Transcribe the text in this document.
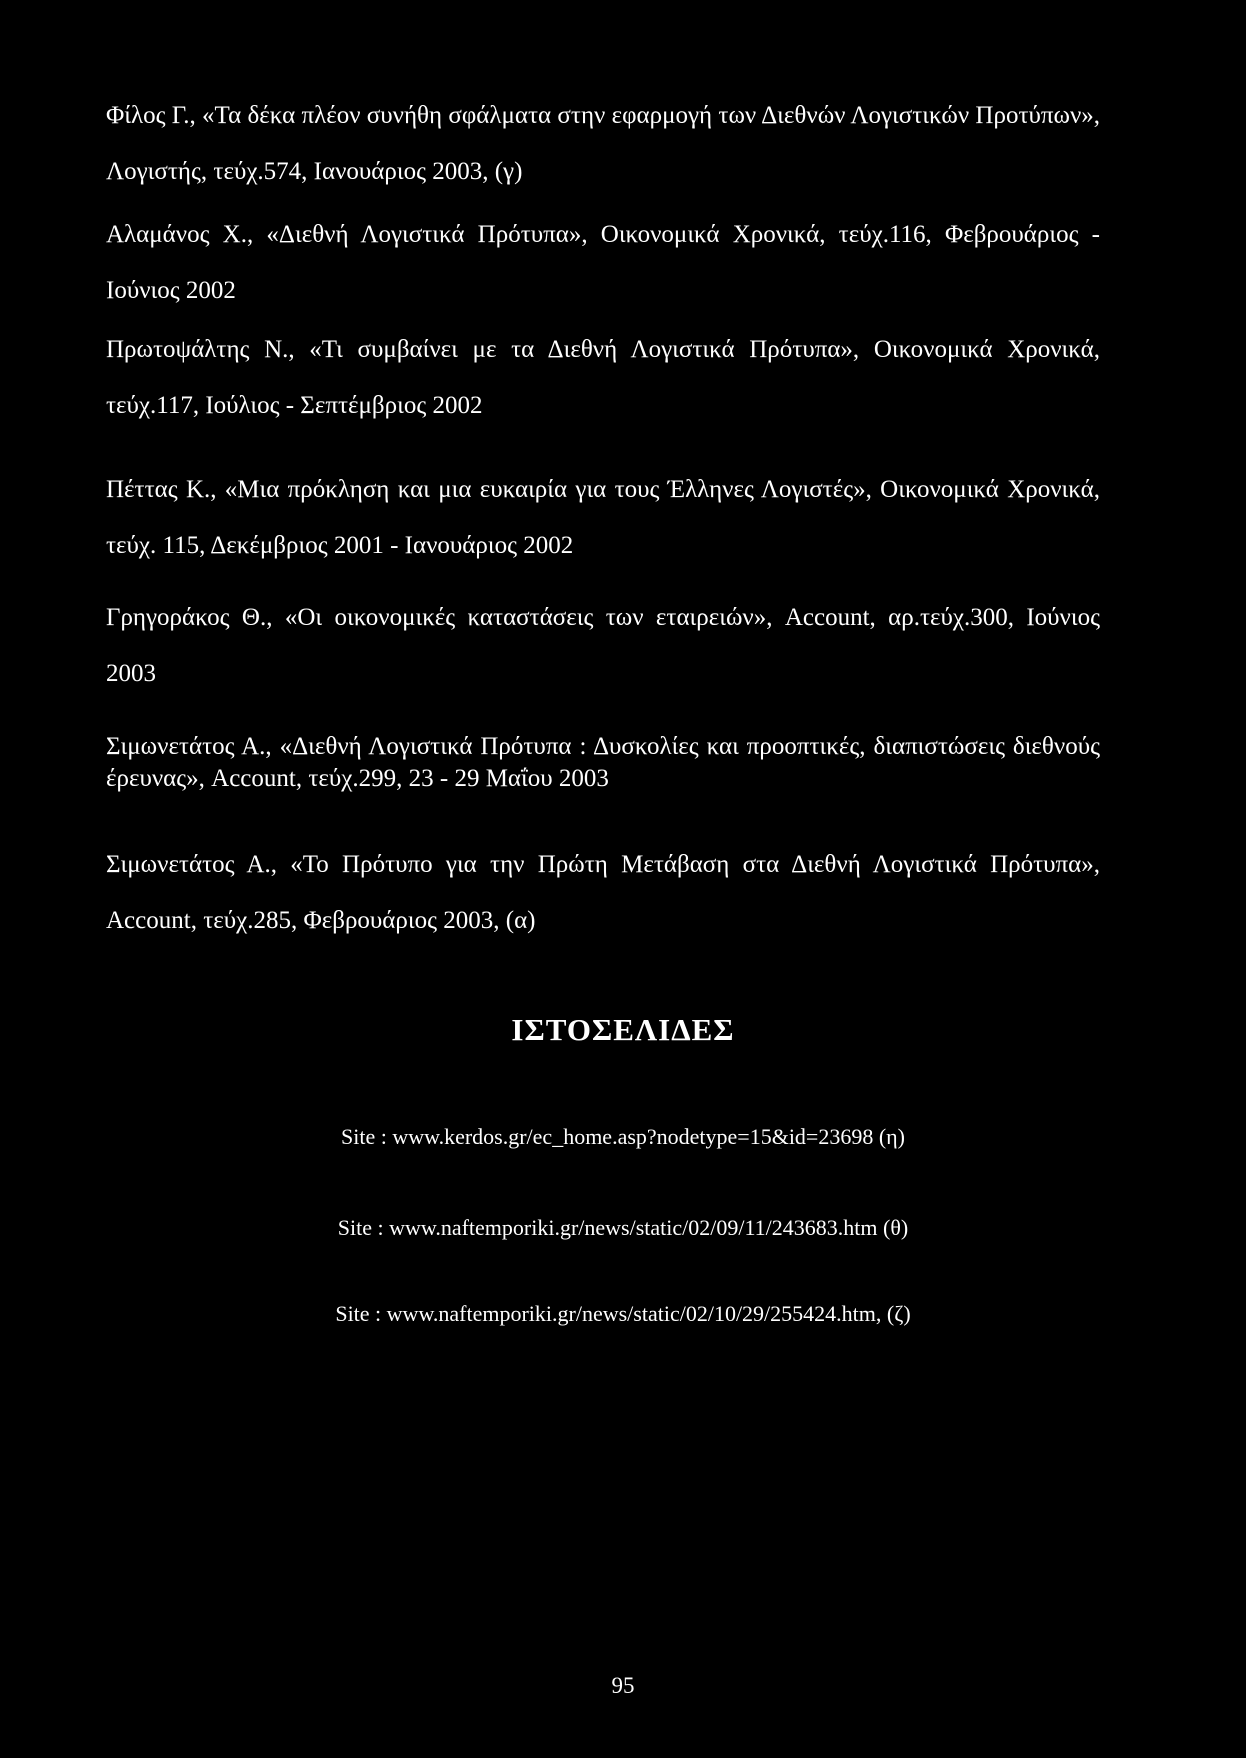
Φίλος Γ., «Τα δέκα πλέον συνήθη σφάλματα στην εφαρμογή των Διεθνών Λογιστικών Προτύπων», Λογιστής, τεύχ.574, Ιανουάριος 2003, (γ)

Αλαμάνος Χ., «Διεθνή Λογιστικά Πρότυπα», Οικονομικά Χρονικά, τεύχ.116, Φεβρουάριος - Ιούνιος 2002

Πρωτοψάλτης Ν., «Τι συμβαίνει με τα Διεθνή Λογιστικά Πρότυπα», Οικονομικά Χρονικά, τεύχ.117, Ιούλιος - Σεπτέμβριος 2002

Πέττας Κ., «Μια πρόκληση και μια ευκαιρία για τους Έλληνες Λογιστές», Οικονομικά Χρονικά, τεύχ. 115, Δεκέμβριος 2001 - Ιανουάριος 2002

Γρηγοράκος Θ., «Οι οικονομικές καταστάσεις των εταιρειών», Account, αρ.τεύχ.300, Ιούνιος 2003

Σιμωνετάτος Α., «Διεθνή Λογιστικά Πρότυπα : Δυσκολίες και προοπτικές, διαπιστώσεις διεθνούς έρευνας», Account, τεύχ.299, 23 - 29 Μαΐου 2003

Σιμωνετάτος Α., «Το Πρότυπο για την Πρώτη Μετάβαση στα Διεθνή Λογιστικά Πρότυπα», Account, τεύχ.285, Φεβρουάριος 2003, (α)

ΙΣΤΟΣΕΛΙΔΕΣ

Site : www.kerdos.gr/ec_home.asp?nodetype=15&id=23698 (η)

Site : www.naftemporiki.gr/news/static/02/09/11/243683.htm (θ)

Site : www.naftemporiki.gr/news/static/02/10/29/255424.htm, (ζ)

95
